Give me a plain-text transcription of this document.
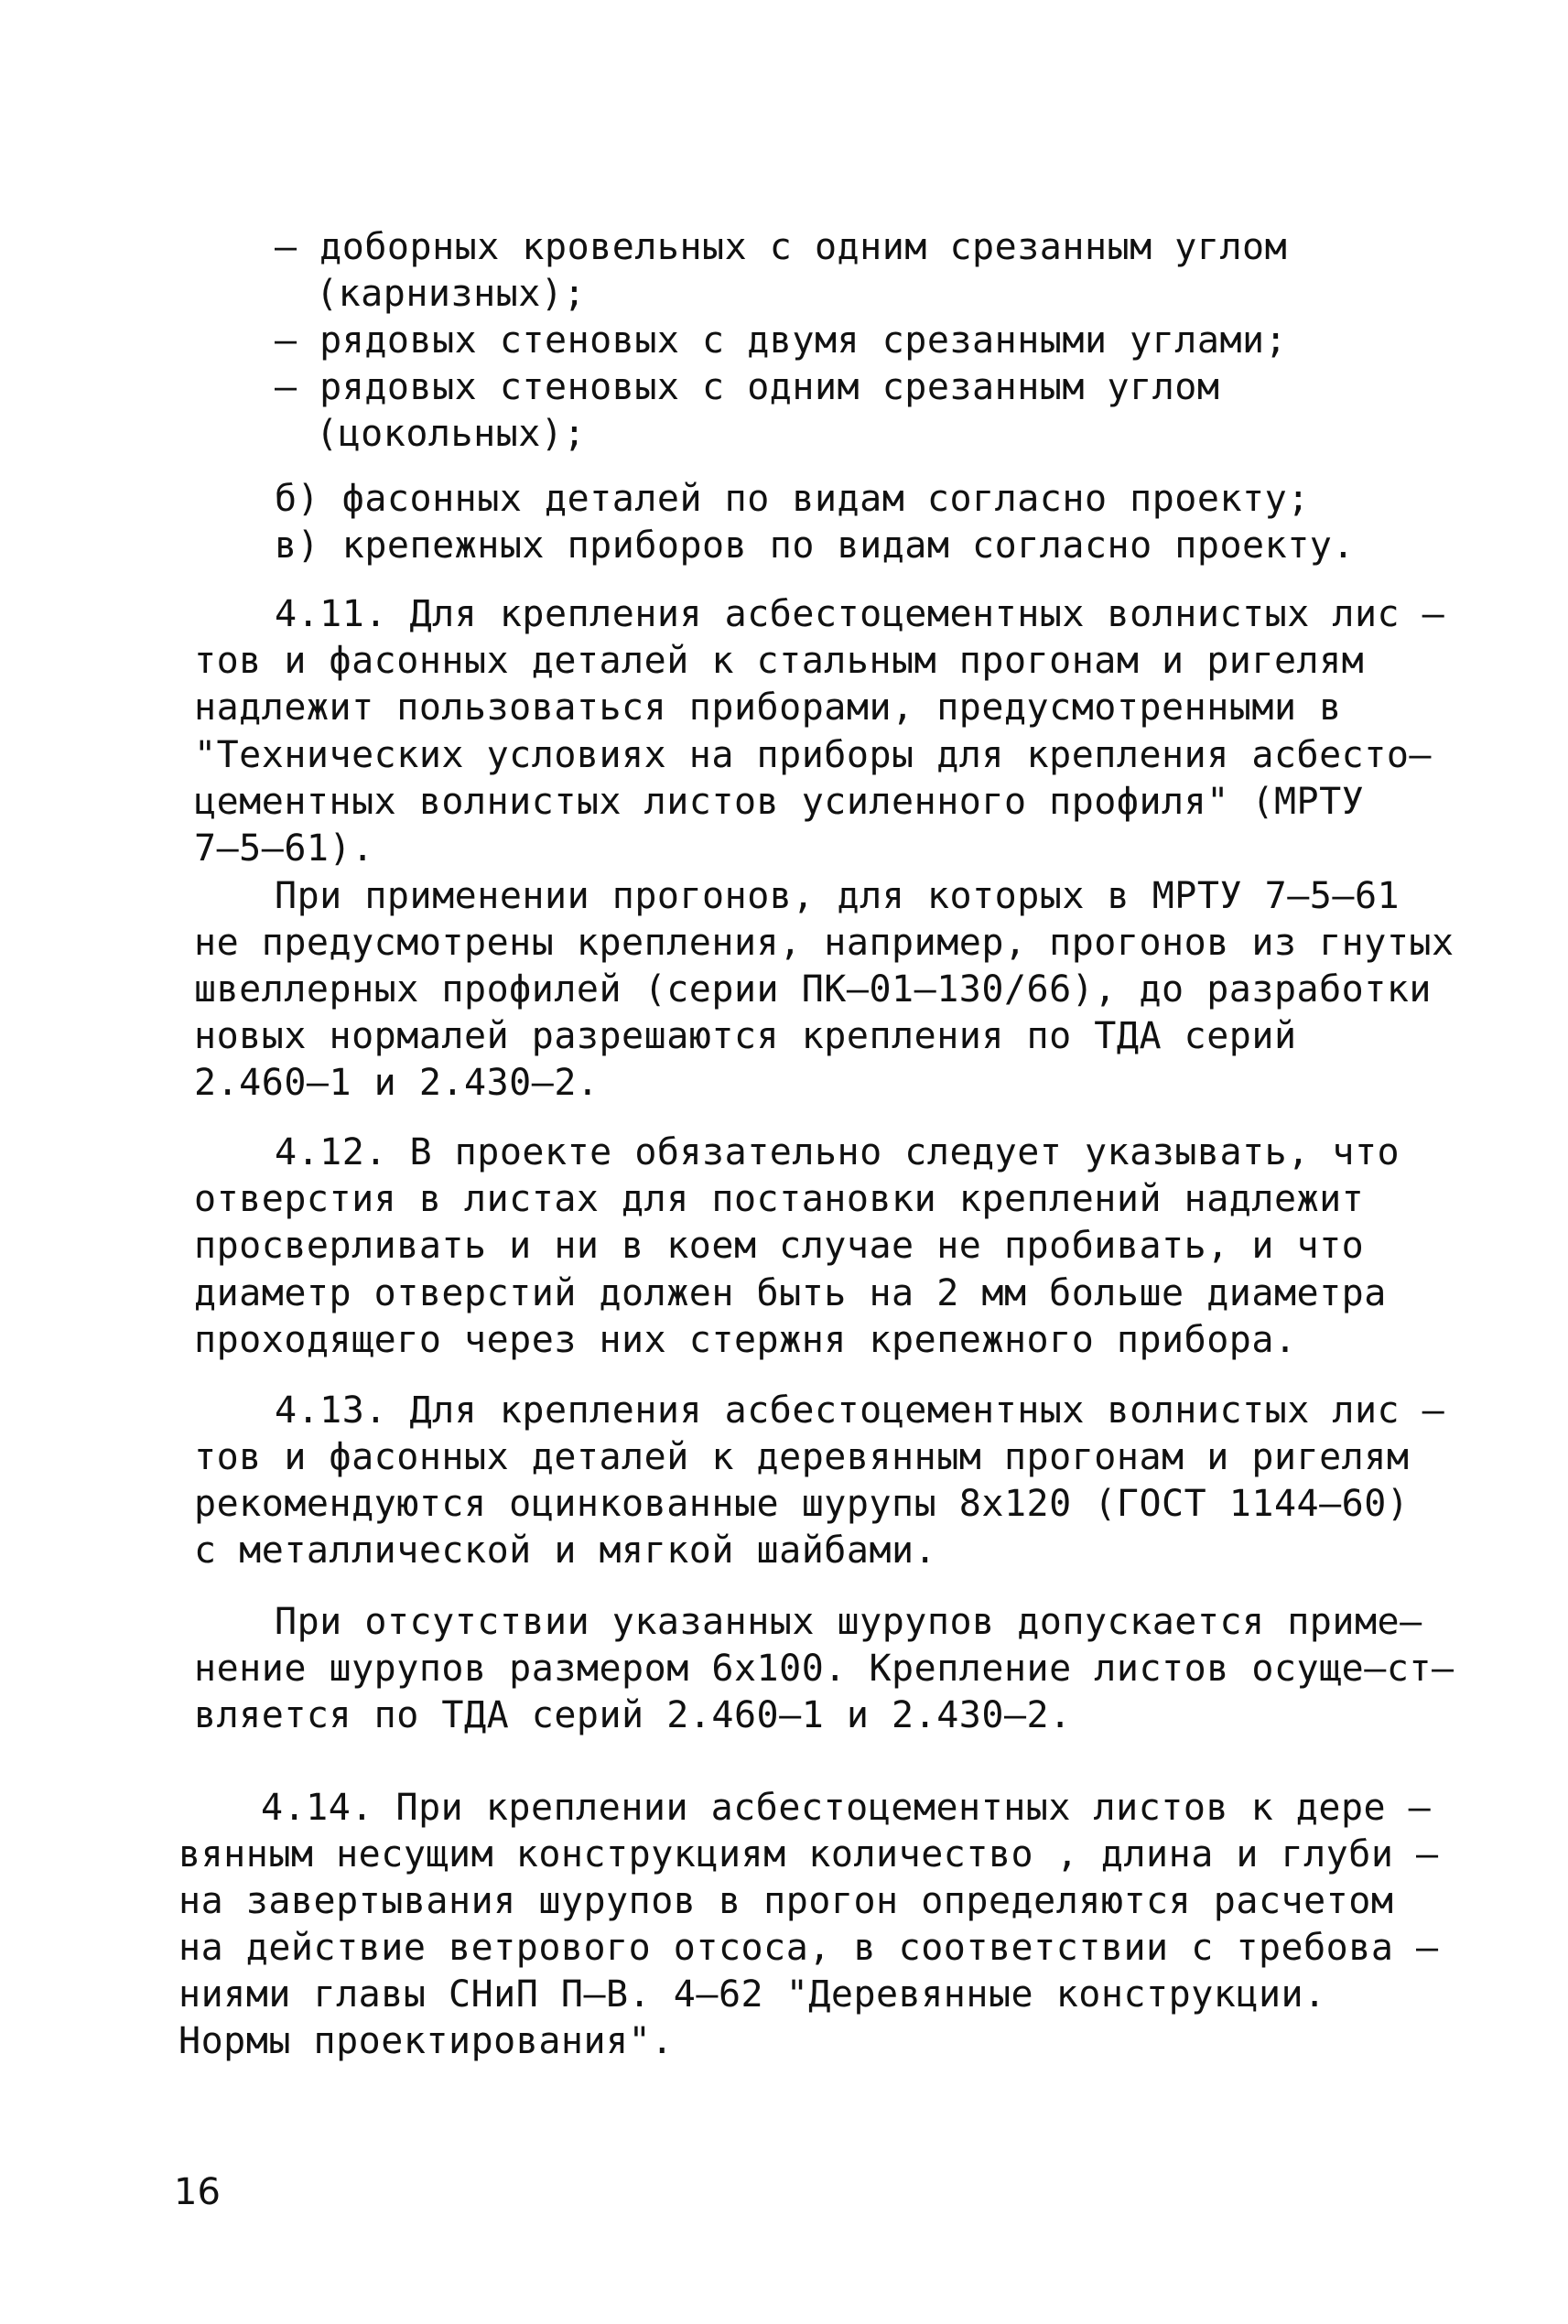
– доборных кровельных с одним срезанным углом
(карнизных);
– рядовых стеновых с двумя срезанными углами;
– рядовых стеновых с одним срезанным углом
(цокольных);
б) фасонных деталей по видам согласно проекту;
в) крепежных приборов по видам согласно проекту.
4.11. Для крепления асбестоцементных волнистых лис –
тов и фасонных деталей к стальным прогонам и ригелям
надлежит пользоваться приборами, предусмотренными в
"Технических условиях на приборы для крепления асбесто–
цементных волнистых листов усиленного профиля" (МРТУ
7–5–61).
При применении прогонов, для которых в МРТУ 7–5–61
не предусмотрены крепления, например, прогонов из гнутых
швеллерных профилей (серии ПК–01–130/66), до разработки
новых нормалей разрешаются крепления по ТДА серий
2.460–1 и 2.430–2.
4.12. В проекте обязательно следует указывать, что
отверстия в листах для постановки креплений надлежит
просверливать и ни в коем случае не пробивать, и что
диаметр отверстий должен быть на 2 мм больше диаметра
проходящего через них стержня крепежного прибора.
4.13. Для крепления асбестоцементных волнистых лис –
тов и фасонных деталей к деревянным прогонам и ригелям
рекомендуются оцинкованные шурупы 8х120 (ГОСТ 1144–60)
с металлической и мягкой шайбами.
При отсутствии указанных шурупов допускается приме–
нение шурупов размером 6х100. Крепление листов осуще–ст–
вляется по ТДА серий 2.460–1 и 2.430–2.
4.14. При креплении асбестоцементных листов к дере –
вянным несущим конструкциям количество , длина и глуби –
на завертывания шурупов в прогон определяются расчетом
на действие ветрового отсоса, в соответствии с требова –
ниями главы СНиП П–В. 4–62 "Деревянные конструкции.
Нормы проектирования".
16
